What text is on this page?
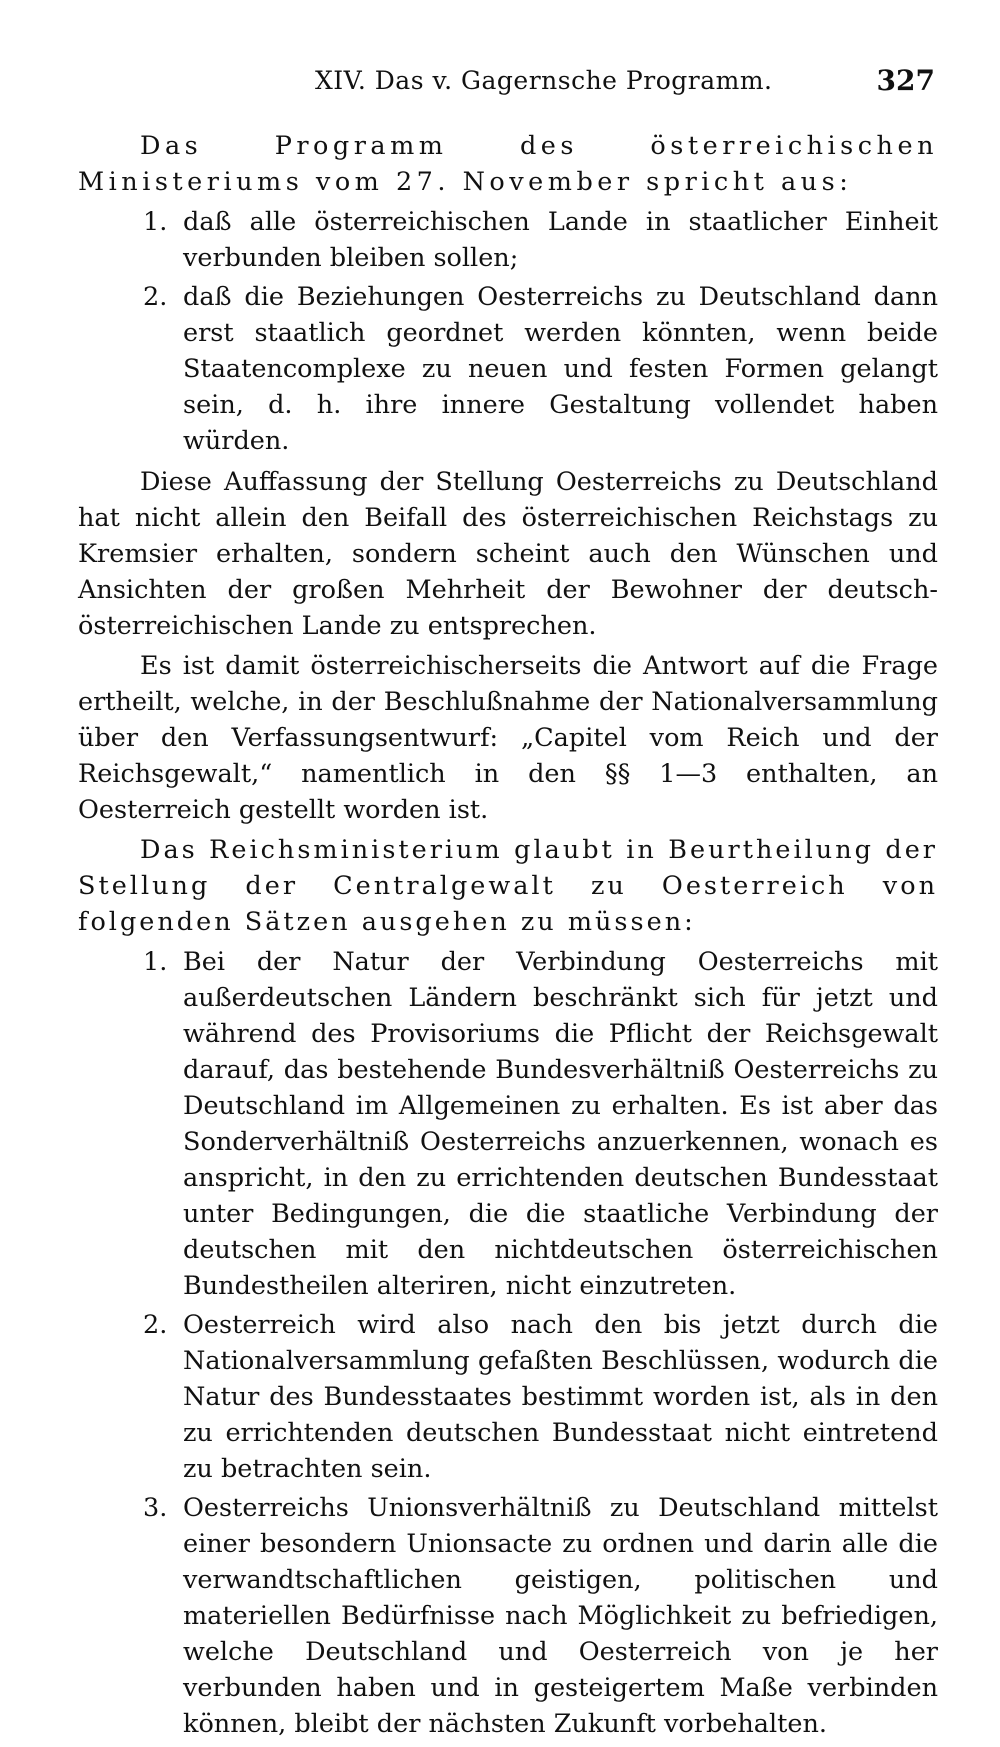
XIV. Das v. Gagernsche Programm.	327

Das Programm des österreichischen Ministeriums vom 27. November spricht aus:

1. daß alle österreichischen Lande in staatlicher Einheit verbunden bleiben sollen;
2. daß die Beziehungen Oesterreichs zu Deutschland dann erst staatlich geordnet werden könnten, wenn beide Staatencomplexe zu neuen und festen Formen gelangt sein, d. h. ihre innere Gestaltung vollendet haben würden.

Diese Auffassung der Stellung Oesterreichs zu Deutschland hat nicht allein den Beifall des österreichischen Reichstags zu Kremsier erhalten, sondern scheint auch den Wünschen und Ansichten der großen Mehrheit der Bewohner der deutsch-österreichischen Lande zu entsprechen.

Es ist damit österreichischerseits die Antwort auf die Frage ertheilt, welche, in der Beschlußnahme der Nationalversammlung über den Verfassungsentwurf: „Capitel vom Reich und der Reichsgewalt,“ namentlich in den §§ 1—3 enthalten, an Oesterreich gestellt worden ist.

Das Reichsministerium glaubt in Beurtheilung der Stellung der Centralgewalt zu Oesterreich von folgenden Sätzen ausgehen zu müssen:

1. Bei der Natur der Verbindung Oesterreichs mit außerdeutschen Ländern beschränkt sich für jetzt und während des Provisoriums die Pflicht der Reichsgewalt darauf, das bestehende Bundesverhältniß Oesterreichs zu Deutschland im Allgemeinen zu erhalten. Es ist aber das Sonderverhältniß Oesterreichs anzuerkennen, wonach es anspricht, in den zu errichtenden deutschen Bundesstaat unter Bedingungen, die die staatliche Verbindung der deutschen mit den nichtdeutschen österreichischen Bundestheilen alteriren, nicht einzutreten.
2. Oesterreich wird also nach den bis jetzt durch die Nationalversammlung gefaßten Beschlüssen, wodurch die Natur des Bundesstaates bestimmt worden ist, als in den zu errichtenden deutschen Bundesstaat nicht eintretend zu betrachten sein.
3. Oesterreichs Unionsverhältniß zu Deutschland mittelst einer besondern Unionsacte zu ordnen und darin alle die verwandtschaftlichen geistigen, politischen und materiellen Bedürfnisse nach Möglichkeit zu befriedigen, welche Deutschland und Oesterreich von je her verbunden haben und in gesteigertem Maße verbinden können, bleibt der nächsten Zukunft vorbehalten.
